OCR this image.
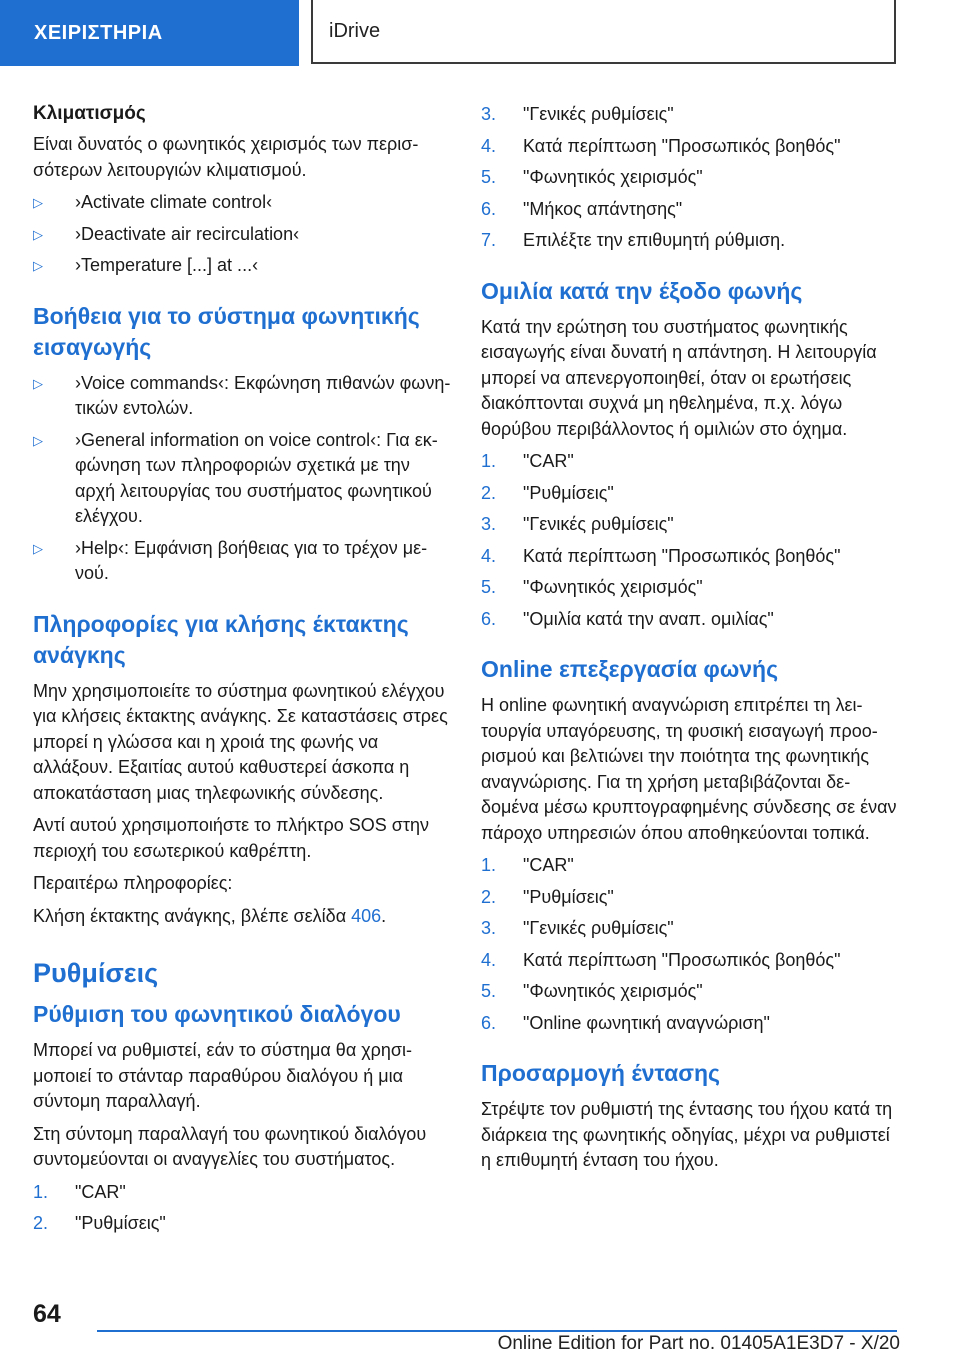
ΧΕΙΡΙΣΤΗΡΙΑ	iDrive
Κλιματισμός

Είναι δυνατός ο φωνητικός χειρισμός των περισσότερων λειτουργιών κλιματισμού.

▷ ›Activate climate control‹
▷ ›Deactivate air recirculation‹
▷ ›Temperature [...] at ...‹
Βοήθεια για το σύστημα φωνητικής εισαγωγής
▷ ›Voice commands‹: Εκφώνηση πιθανών φωνητικών εντολών.
▷ ›General information on voice control‹: Για εκφώνηση των πληροφοριών σχετικά με την αρχή λειτουργίας του συστήματος φωνητικού ελέγχου.
▷ ›Help‹: Εμφάνιση βοήθειας για το τρέχον μενού.
Πληροφορίες για κλήσης έκτακτης ανάγκης

Μην χρησιμοποιείτε το σύστημα φωνητικού ελέγχου για κλήσεις έκτακτης ανάγκης. Σε καταστάσεις στρες μπορεί η γλώσσα και η χροιά της φωνής να αλλάξουν. Εξαιτίας αυτού καθυστερεί άσκοπα η αποκατάσταση μιας τηλεφωνικής σύνδεσης.

Αντί αυτού χρησιμοποιήστε το πλήκτρο SOS στην περιοχή του εσωτερικού καθρέπτη.

Περαιτέρω πληροφορίες:

Κλήση έκτακτης ανάγκης, βλέπε σελίδα 406.

Ρυθμίσεις
Ρύθμιση του φωνητικού διαλόγου

Μπορεί να ρυθμιστεί, εάν το σύστημα θα χρησιμοποιεί το στάνταρ παραθύρου διαλόγου ή μια σύντομη παραλλαγή.

Στη σύντομη παραλλαγή του φωνητικού διαλόγου συντομεύονται οι αναγγελίες του συστήματος.

1. "CAR"
2. "Ρυθμίσεις"
3. "Γενικές ρυθμίσεις"
4. Κατά περίπτωση "Προσωπικός βοηθός"
5. "Φωνητικός χειρισμός"
6. "Μήκος απάντησης"
7. Επιλέξτε την επιθυμητή ρύθμιση.
Ομιλία κατά την έξοδο φωνής

Κατά την ερώτηση του συστήματος φωνητικής εισαγωγής είναι δυνατή η απάντηση. Η λειτουργία μπορεί να απενεργοποιηθεί, όταν οι ερωτήσεις διακόπτονται συχνά μη ηθελημένα, π.χ. λόγω θορύβου περιβάλλοντος ή ομιλιών στο όχημα.

1. "CAR"
2. "Ρυθμίσεις"
3. "Γενικές ρυθμίσεις"
4. Κατά περίπτωση "Προσωπικός βοηθός"
5. "Φωνητικός χειρισμός"
6. "Ομιλία κατά την αναπ. ομιλίας"
Online επεξεργασία φωνής

Η online φωνητική αναγνώριση επιτρέπει τη λειτουργία υπαγόρευσης, τη φυσική εισαγωγή προορισμού και βελτιώνει την ποιότητα της φωνητικής αναγνώρισης. Για τη χρήση μεταβιβάζονται δεδομένα μέσω κρυπτογραφημένης σύνδεσης σε έναν πάροχο υπηρεσιών όπου αποθηκεύονται τοπικά.

1. "CAR"
2. "Ρυθμίσεις"
3. "Γενικές ρυθμίσεις"
4. Κατά περίπτωση "Προσωπικός βοηθός"
5. "Φωνητικός χειρισμός"
6. "Online φωνητική αναγνώριση"
Προσαρμογή έντασης

Στρέψτε τον ρυθμιστή της έντασης του ήχου κατά τη διάρκεια της φωνητικής οδηγίας, μέχρι να ρυθμιστεί η επιθυμητή ένταση του ήχου.

64
Online Edition for Part no. 01405A1E3D7 - X/20
